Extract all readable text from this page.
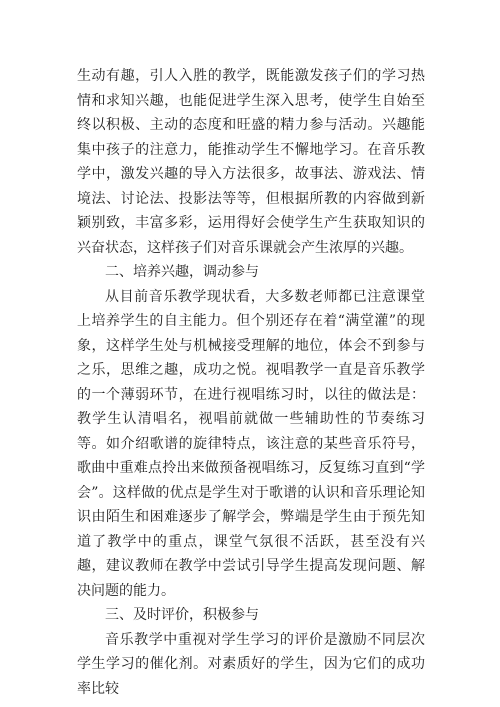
生动有趣，引人入胜的教学，既能激发孩子们的学习热情和求知兴趣，也能促进学生深入思考，使学生自始至终以积极、主动的态度和旺盛的精力参与活动。兴趣能集中孩子的注意力，能推动学生不懈地学习。在音乐教学中，激发兴趣的导入方法很多，故事法、游戏法、情境法、讨论法、投影法等等，但根据所教的内容做到新颖别致，丰富多彩，运用得好会使学生产生获取知识的兴奋状态，这样孩子们对音乐课就会产生浓厚的兴趣。

二、培养兴趣，调动参与

从目前音乐教学现状看，大多数老师都已注意课堂上培养学生的自主能力。但个别还存在着“满堂灌”的现象，这样学生处与机械接受理解的地位，体会不到参与之乐，思维之趣，成功之悦。视唱教学一直是音乐教学的一个薄弱环节，在进行视唱练习时，以往的做法是：教学生认清唱名，视唱前就做一些辅助性的节奏练习等。如介绍歌谱的旋律特点，该注意的某些音乐符号，歌曲中重难点拎出来做预备视唱练习，反复练习直到“学会”。这样做的优点是学生对于歌谱的认识和音乐理论知识由陌生和困难逐步了解学会，弊端是学生由于预先知道了教学中的重点，课堂气氛很不活跃，甚至没有兴趣，建议教师在教学中尝试引导学生提高发现问题、解决问题的能力。

三、及时评价，积极参与

音乐教学中重视对学生学习的评价是激励不同层次学生学习的催化剂。对素质好的学生，因为它们的成功率比较
